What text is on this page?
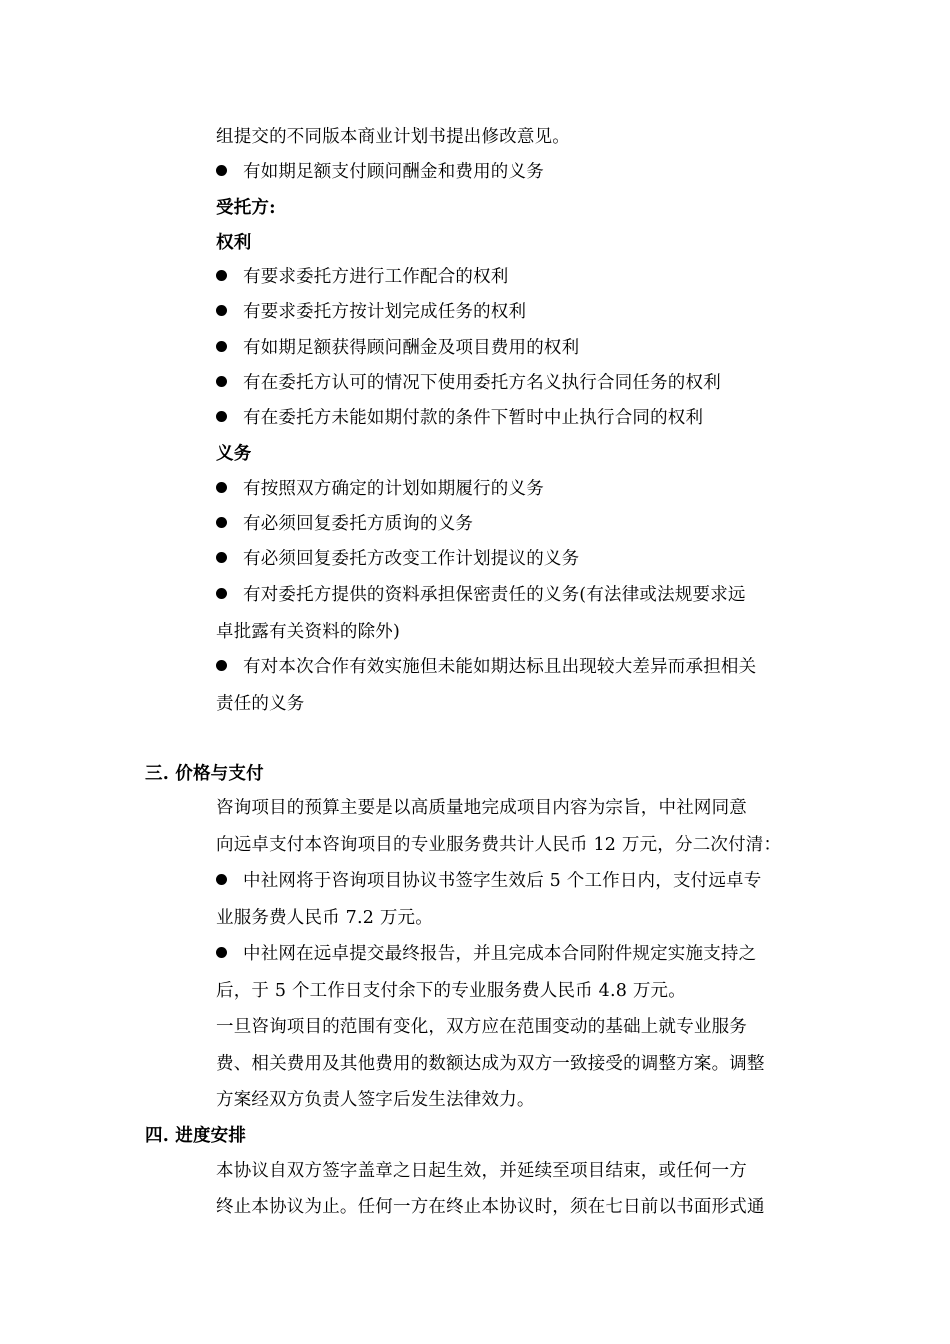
组提交的不同版本商业计划书提出修改意见。
有如期足额支付顾问酬金和费用的义务
受托方:
权利
有要求委托方进行工作配合的权利
有要求委托方按计划完成任务的权利
有如期足额获得顾问酬金及项目费用的权利
有在委托方认可的情况下使用委托方名义执行合同任务的权利
有在委托方未能如期付款的条件下暂时中止执行合同的权利
义务
有按照双方确定的计划如期履行的义务
有必须回复委托方质询的义务
有必须回复委托方改变工作计划提议的义务
有对委托方提供的资料承担保密责任的义务(有法律或法规要求远
卓批露有关资料的除外)
有对本次合作有效实施但未能如期达标且出现较大差异而承担相关
责任的义务
三. 价格与支付
咨询项目的预算主要是以高质量地完成项目内容为宗旨，中社网同意
向远卓支付本咨询项目的专业服务费共计人民币 12 万元，分二次付清：
中社网将于咨询项目协议书签字生效后 5 个工作日内，支付远卓专
业服务费人民币 7.2 万元。
中社网在远卓提交最终报告，并且完成本合同附件规定实施支持之
后，于 5 个工作日支付余下的专业服务费人民币 4.8 万元。
一旦咨询项目的范围有变化，双方应在范围变动的基础上就专业服务
费、相关费用及其他费用的数额达成为双方一致接受的调整方案。调整
方案经双方负责人签字后发生法律效力。
四. 进度安排
本协议自双方签字盖章之日起生效，并延续至项目结束，或任何一方
终止本协议为止。任何一方在终止本协议时，须在七日前以书面形式通
